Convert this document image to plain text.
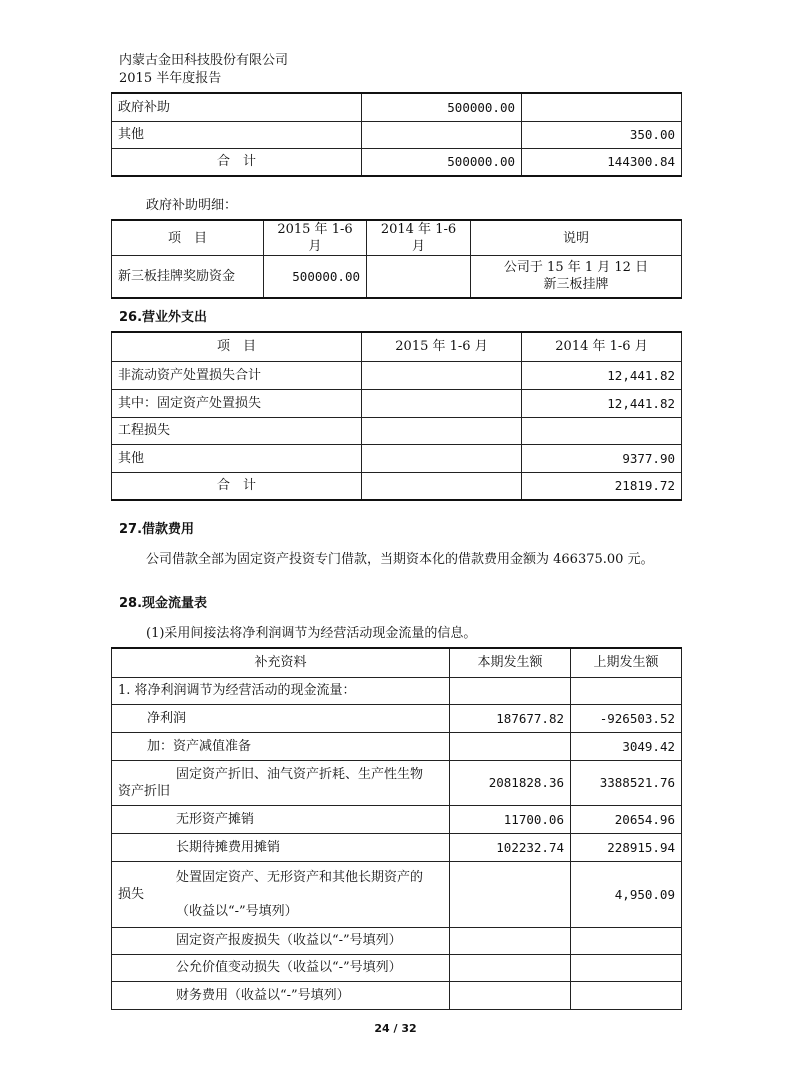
内蒙古金田科技股份有限公司
2015 半年度报告
政府补助	500000.00	
其他		350.00
合　计	500000.00	144300.84
政府补助明细：
项　目	2015 年 1-6 月	2014 年 1-6 月	说明
新三板挂牌奖励资金	500000.00		公司于 15 年 1 月 12 日
新三板挂牌
26.营业外支出
项　目	2015 年 1-6 月	2014 年 1-6 月
非流动资产处置损失合计		12,441.82
其中：固定资产处置损失		12,441.82
工程损失		
其他		9377.90
合　计		21819.72
27.借款费用
公司借款全部为固定资产投资专门借款，当期资本化的借款费用金额为 466375.00 元。
28.现金流量表
(1)采用间接法将净利润调节为经营活动现金流量的信息。
补充资料	本期发生额	上期发生额
1. 将净利润调节为经营活动的现金流量：		
净利润	187677.82	-926503.52
加：资产减值准备		3049.42

固定资产折旧、油气资产折耗、生产性生物
资产折旧	2081828.36	3388521.76
无形资产摊销	11700.06	20654.96
长期待摊费用摊销	102232.74	228915.94

处置固定资产、无形资产和其他长期资产的
损失
（收益以“-”号填列）		4,950.09
固定资产报废损失（收益以“-”号填列）		
公允价值变动损失（收益以“-”号填列）		
财务费用（收益以“-”号填列）		
24 / 32
